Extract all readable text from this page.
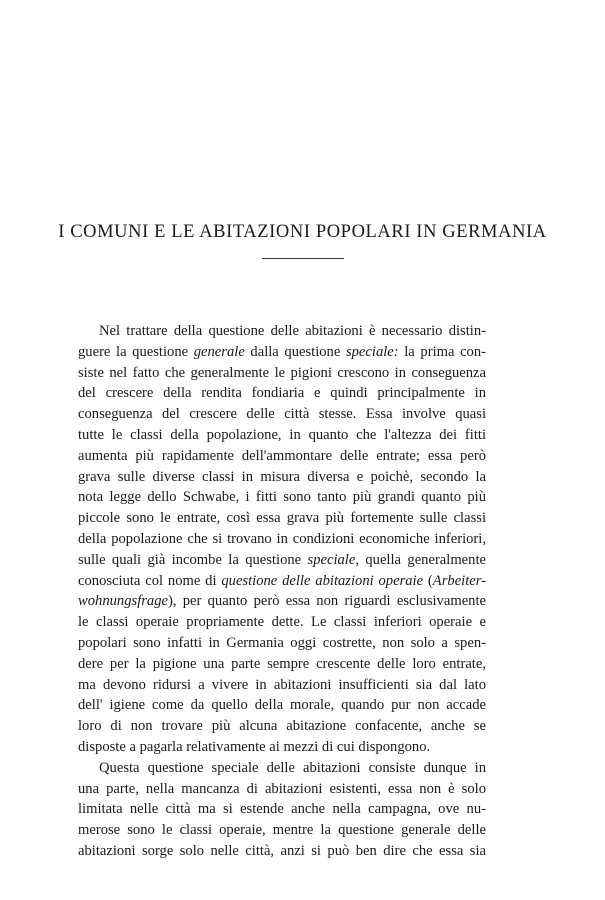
I COMUNI E LE ABITAZIONI POPOLARI IN GERMANIA
Nel trattare della questione delle abitazioni è necessario distin-
guere la questione generale dalla questione speciale: la prima con-
siste nel fatto che generalmente le pigioni crescono in conseguenza
del crescere della rendita fondiaria e quindi principalmente in
conseguenza del crescere delle città stesse. Essa involve quasi
tutte le classi della popolazione, in quanto che l'altezza dei fitti
aumenta più rapidamente dell'ammontare delle entrate; essa però
grava sulle diverse classi in misura diversa e poichè, secondo la
nota legge dello Schwabe, i fitti sono tanto più grandi quanto più
piccole sono le entrate, così essa grava più fortemente sulle classi
della popolazione che si trovano in condizioni economiche inferiori,
sulle quali già incombe la questione speciale, quella generalmente
conosciuta col nome di questione delle abitazioni operaie (Arbeiter-
wohnungsfrage), per quanto però essa non riguardi esclusivamente
le classi operaie propriamente dette. Le classi inferiori operaie e
popolari sono infatti in Germania oggi costrette, non solo a spen-
dere per la pigione una parte sempre crescente delle loro entrate,
ma devono ridursi a vivere in abitazioni insufficienti sia dal lato
dell' igiene come da quello della morale, quando pur non accade
loro di non trovare più alcuna abitazione confacente, anche se
disposte a pagarla relativamente ai mezzi di cui dispongono.
Questa questione speciale delle abitazioni consiste dunque in
una parte, nella mancanza di abitazioni esistenti, essa non è solo
limitata nelle città ma si estende anche nella campagna, ove nu-
merose sono le classi operaie, mentre la questione generale delle
abitazioni sorge solo nelle città, anzi si può ben dire che essa sia
